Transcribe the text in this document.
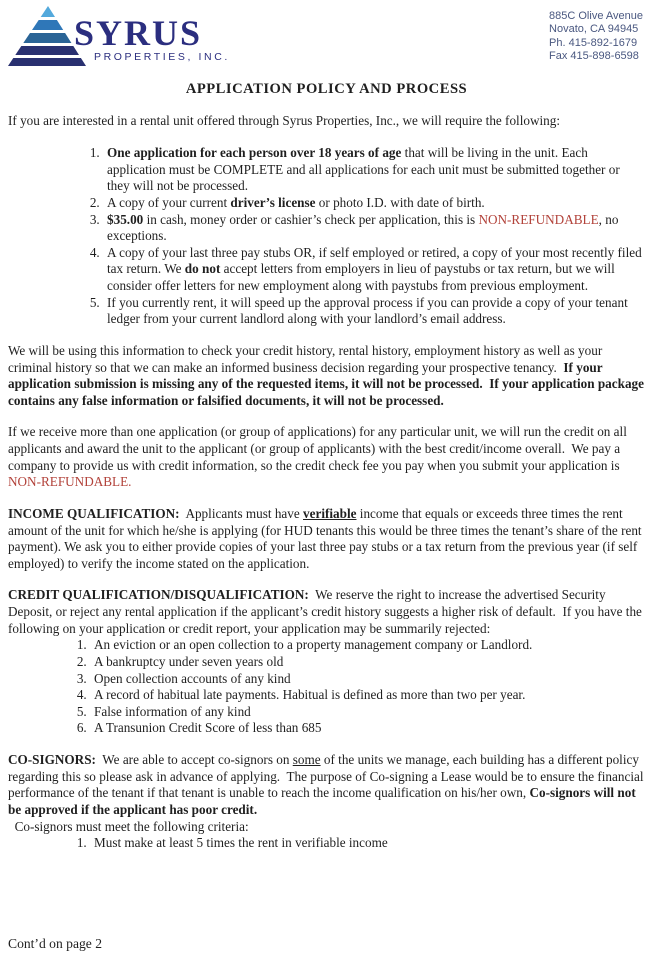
SYRUS
PROPERTIES, INC.
885C Olive Avenue
Novato, CA 94945
Ph. 415-892-1679
Fax 415-898-6598
APPLICATION POLICY AND PROCESS

If you are interested in a rental unit offered through Syrus Properties, Inc., we will require the following:

1. One application for each person over 18 years of age that will be living in the unit. Each application must be COMPLETE and all applications for each unit must be submitted together or they will not be processed.
2. A copy of your current driver’s license or photo I.D. with date of birth.
3. $35.00 in cash, money order or cashier’s check per application, this is NON-REFUNDABLE, no exceptions.
4. A copy of your last three pay stubs OR, if self employed or retired, a copy of your most recently filed tax return. We do not accept letters from employers in lieu of paystubs or tax return, but we will consider offer letters for new employment along with paystubs from previous employment.
5. If you currently rent, it will speed up the approval process if you can provide a copy of your tenant ledger from your current landlord along with your landlord’s email address.

We will be using this information to check your credit history, rental history, employment history as well as your criminal history so that we can make an informed business decision regarding your prospective tenancy.  If your application submission is missing any of the requested items, it will not be processed.  If your application package contains any false information or falsified documents, it will not be processed.

If we receive more than one application (or group of applications) for any particular unit, we will run the credit on all applicants and award the unit to the applicant (or group of applicants) with the best credit/income overall.  We pay a company to provide us with credit information, so the credit check fee you pay when you submit your application is NON-REFUNDABLE.

INCOME QUALIFICATION:  Applicants must have verifiable income that equals or exceeds three times the rent amount of the unit for which he/she is applying (for HUD tenants this would be three times the tenant’s share of the rent payment). We ask you to either provide copies of your last three pay stubs or a tax return from the previous year (if self employed) to verify the income stated on the application.

CREDIT QUALIFICATION/DISQUALIFICATION:  We reserve the right to increase the advertised Security Deposit, or reject any rental application if the applicant’s credit history suggests a higher risk of default.  If you have the following on your application or credit report, your application may be summarily rejected:

1. An eviction or an open collection to a property management company or Landlord.
2. A bankruptcy under seven years old
3. Open collection accounts of any kind
4. A record of habitual late payments. Habitual is defined as more than two per year.
5. False information of any kind
6. A Transunion Credit Score of less than 685

CO-SIGNORS:  We are able to accept co-signors on some of the units we manage, each building has a different policy regarding this so please ask in advance of applying.  The purpose of Co-signing a Lease would be to ensure the financial performance of the tenant if that tenant is unable to reach the income qualification on his/her own, Co-signors will not be approved if the applicant has poor credit.

Co-signors must meet the following criteria:

1. Must make at least 5 times the rent in verifiable income
Cont’d on page 2
